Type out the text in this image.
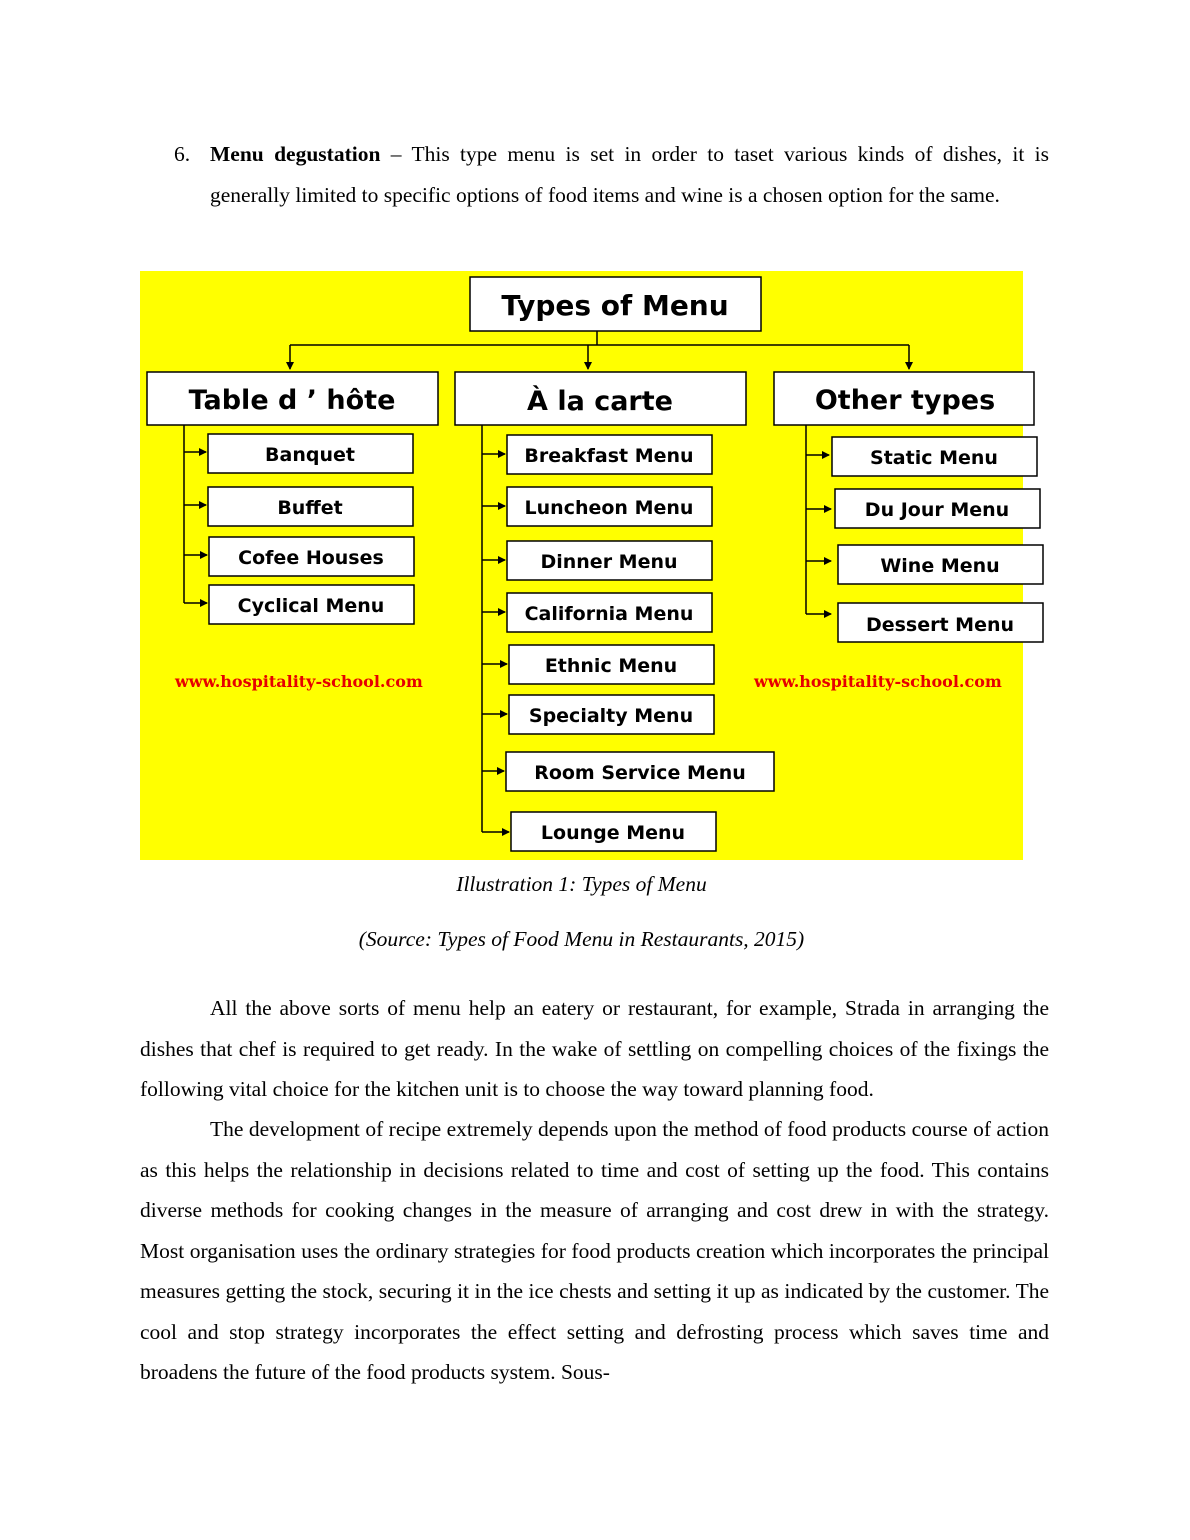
6. Menu degustation – This type menu is set in order to taset various kinds of dishes, it is generally limited to specific options of food items and wine is a chosen option for the same.
Types of Menu
Table d ’ hôte	À la carte	Other types
Banquet
Buffet
Cofee Houses
Cyclical Menu
Breakfast Menu
Luncheon Menu
Dinner Menu
California Menu
Ethnic Menu
Specialty Menu
Room Service Menu
Lounge Menu
Static Menu
Du Jour Menu
Wine Menu
Dessert Menu
www.hospitality-school.com	www.hospitality-school.com
Illustration 1: Types of Menu
(Source: Types of Food Menu in Restaurants, 2015)

All the above sorts of menu help an eatery or restaurant, for example, Strada in arranging the dishes that chef is required to get ready. In the wake of settling on compelling choices of the fixings the following vital choice for the kitchen unit is to choose the way toward planning food.

The development of recipe extremely depends upon the method of food products course of action as this helps the relationship in decisions related to time and cost of setting up the food. This contains diverse methods for cooking changes in the measure of arranging and cost drew in with the strategy. Most organisation uses the ordinary strategies for food products creation which incorporates the principal measures getting the stock, securing it in the ice chests and setting it up as indicated by the customer. The cool and stop strategy incorporates the effect setting and defrosting process which saves time and broadens the future of the food products system. Sous-
